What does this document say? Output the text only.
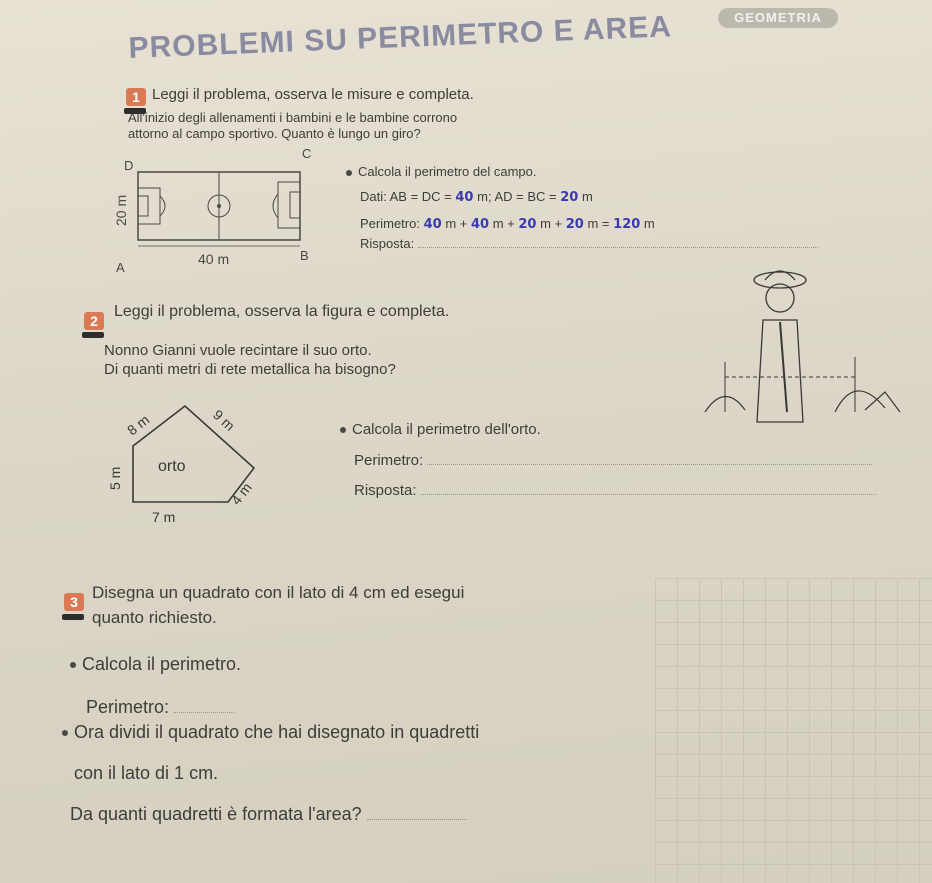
GEOMETRIA
PROBLEMI SU PERIMETRO E AREA
1 Leggi il problema, osserva le misure e completa.
All'inizio degli allenamenti i bambini e le bambine corrono
attorno al campo sportivo. Quanto è lungo un giro?
D
C
A
B
40 m
20 m
Calcola il perimetro del campo.
Dati: AB = DC = 40 m; AD = BC = 20 m
Perimetro: 40 m + 40 m + 20 m + 20 m = 120 m
Risposta:
2
Leggi il problema, osserva la figura e completa.
Nonno Gianni vuole recintare il suo orto.
Di quanti metri di rete metallica ha bisogno?
orto
8 m	9 m
4 m
7 m
5 m
Calcola il perimetro dell'orto.
Perimetro:
Risposta:
3 Disegna un quadrato con il lato di 4 cm ed esegui
quanto richiesto.
Calcola il perimetro.
Perimetro:
Ora dividi il quadrato che hai disegnato in quadretti
con il lato di 1 cm.
Da quanti quadretti è formata l'area?
